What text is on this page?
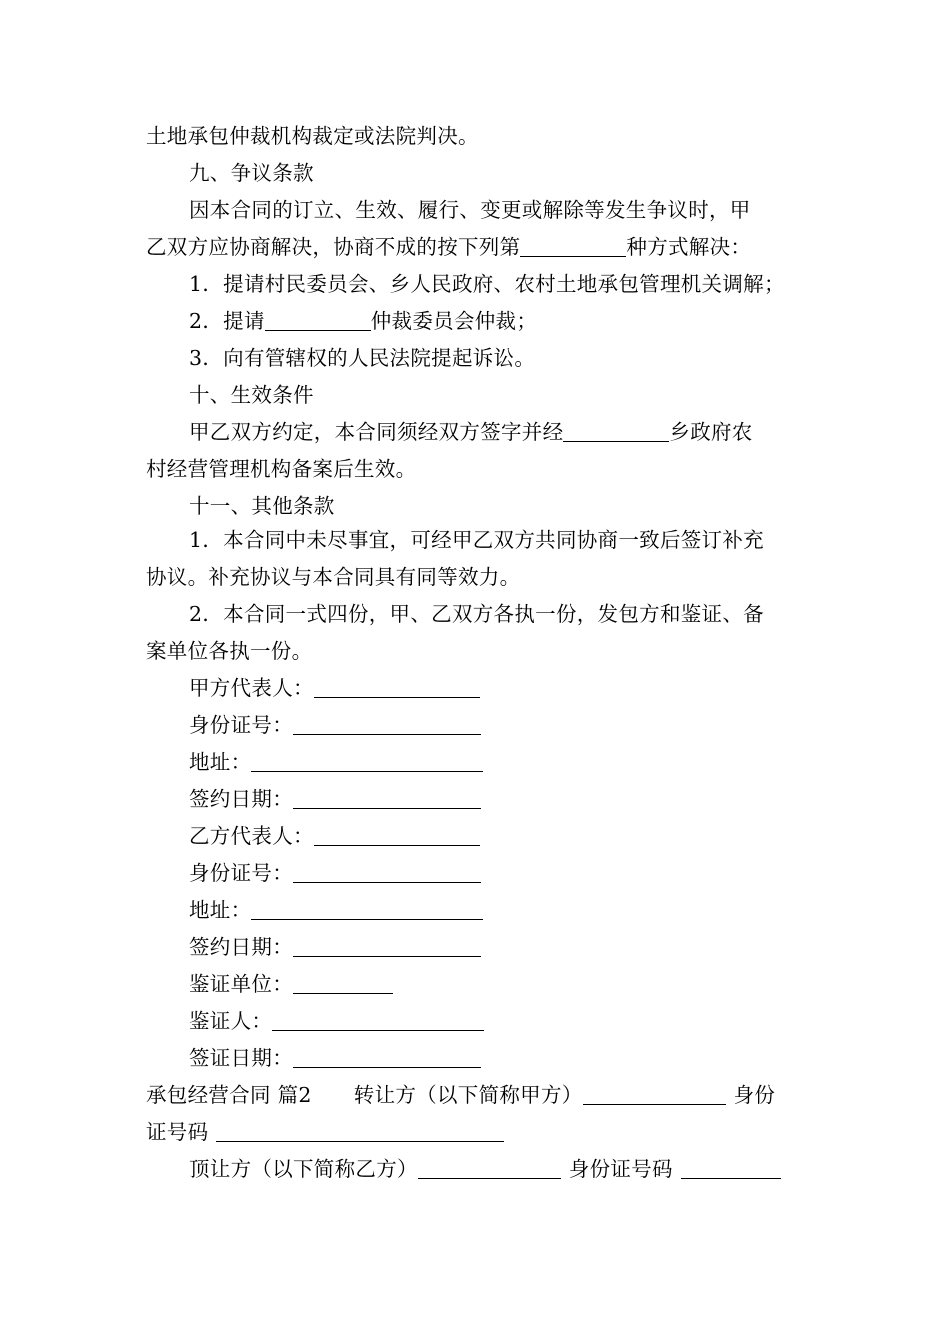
土地承包仲裁机构裁定或法院判决。
九、争议条款
因本合同的订立、生效、履行、变更或解除等发生争议时，甲
乙双方应协商解决，协商不成的按下列第	种方式解决：
1．提请村民委员会、乡人民政府、农村土地承包管理机关调解；
2．提请	仲裁委员会仲裁；
3．向有管辖权的人民法院提起诉讼。
十、生效条件
甲乙双方约定，本合同须经双方签字并经	乡政府农
村经营管理机构备案后生效。
十一、其他条款
1．本合同中未尽事宜，可经甲乙双方共同协商一致后签订补充
协议。补充协议与本合同具有同等效力。
2．本合同一式四份，甲、乙双方各执一份，发包方和鉴证、备
案单位各执一份。
甲方代表人：
身份证号：
地址：
签约日期：
乙方代表人：
身份证号：
地址：
签约日期：
鉴证单位：
鉴证人：
签证日期：
承包经营合同 篇2 转让方（以下简称甲方）	身份
证号码
顶让方（以下简称乙方）	身份证号码
